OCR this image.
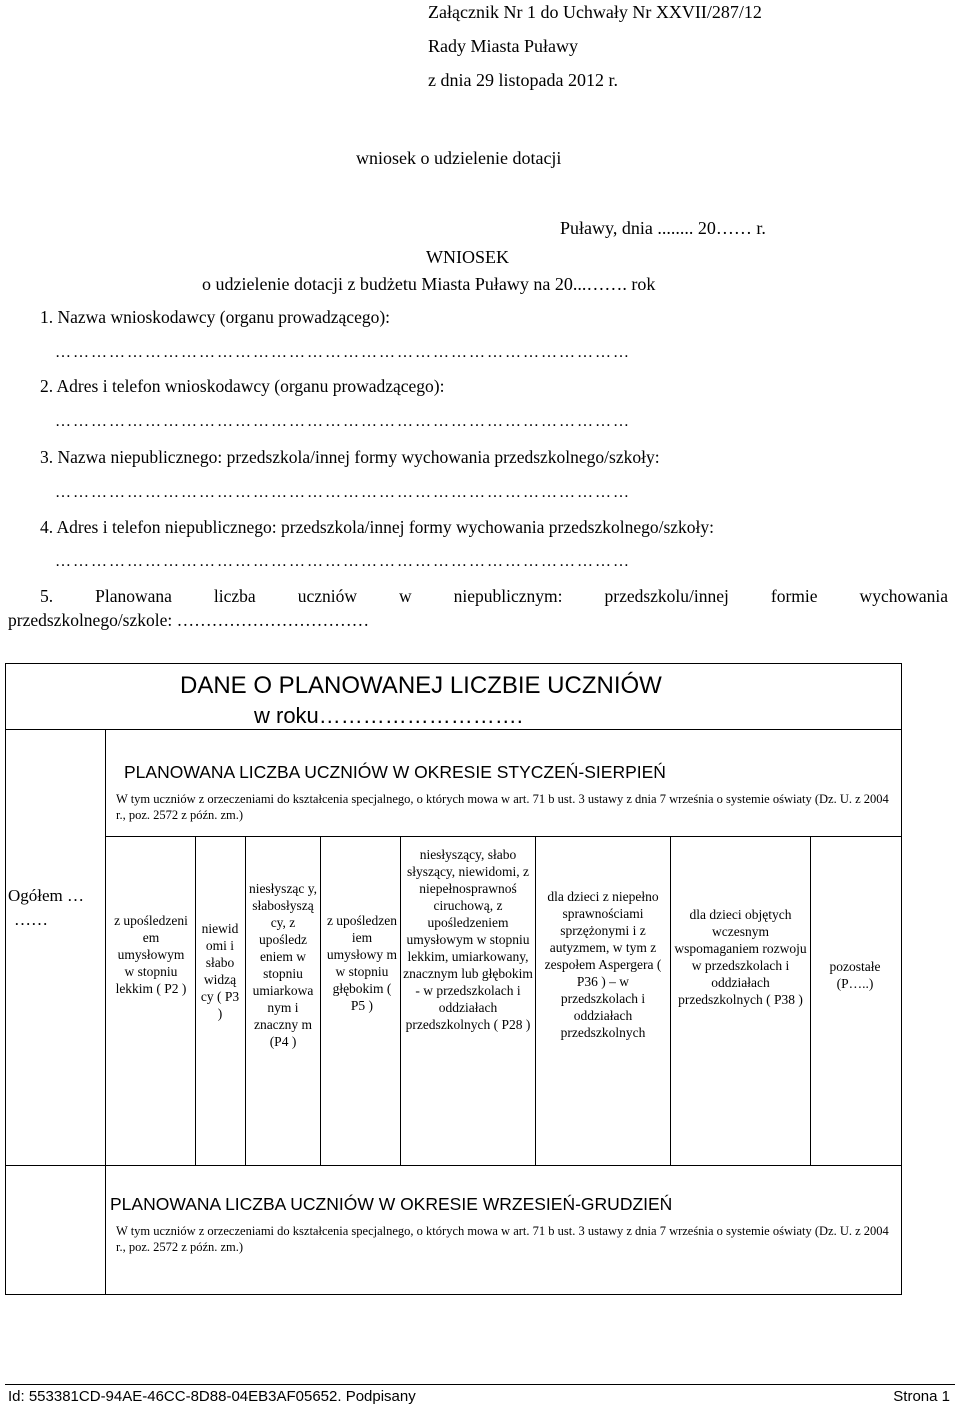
Załącznik Nr 1 do Uchwały Nr XXVII/287/12
Rady Miasta Puławy
z dnia 29 listopada 2012 r.
wniosek o udzielenie dotacji
Puławy, dnia ........ 20…… r.
WNIOSEK
o udzielenie dotacji z budżetu Miasta Puławy na 20...……. rok
1. Nazwa wnioskodawcy (organu prowadzącego):
……………………………………………………………………………………
2. Adres i telefon wnioskodawcy (organu prowadzącego):
……………………………………………………………………………………
3. Nazwa niepublicznego: przedszkola/innej formy wychowania przedszkolnego/szkoły:
……………………………………………………………………………………
4. Adres i telefon niepublicznego: przedszkola/innej formy wychowania przedszkolnego/szkoły:
……………………………………………………………………………………
5. Planowana liczba uczniów w niepublicznym: przedszkolu/innej formie wychowania
przedszkolnego/szkole: ……………………………
DANE O PLANOWANEJ LICZBIE UCZNIÓW
w roku……………………….
PLANOWANA LICZBA UCZNIÓW W OKRESIE STYCZEŃ-SIERPIEŃ
W tym uczniów z orzeczeniami do kształcenia specjalnego, o których mowa w art. 71 b ust. 3 ustawy z dnia 7 września o systemie oświaty (Dz. U. z 2004 r., poz. 2572 z późn. zm.)
Ogółem …
……	z upośledzeni em umysłowym w stopniu lekkim ( P2 )
niewid omi i słabo widzą cy ( P3 )
niesłysząc y, słabosłyszą cy, z upośledz eniem w stopniu umiarkowa nym i znaczny m (P4 )
z upośledzen iem umysłowy m w stopniu głębokim ( P5 )
niesłyszący, słabo słyszący, niewidomi, z niepełnosprawnoś ciruchową, z upośledzeniem umysłowym w stopniu lekkim, umiarkowany, znacznym lub głębokim - w przedszkolach i oddziałach przedszkolnych ( P28 )
dla dzieci z niepełno sprawnościami sprzężonymi i z autyzmem, w tym z zespołem Aspergera ( P36 ) – w przedszkolach i oddziałach przedszkolnych
dla dzieci objętych wczesnym wspomaganiem rozwoju w przedszkolach i oddziałach przedszkolnych ( P38 )
pozostałe (P…..)
PLANOWANA LICZBA UCZNIÓW W OKRESIE WRZESIEŃ-GRUDZIEŃ
W tym uczniów z orzeczeniami do kształcenia specjalnego, o których mowa w art. 71 b ust. 3 ustawy z dnia 7 września o systemie oświaty (Dz. U. z 2004 r., poz. 2572 z późn. zm.)
Id: 553381CD-94AE-46CC-8D88-04EB3AF05652. Podpisany	Strona 1
